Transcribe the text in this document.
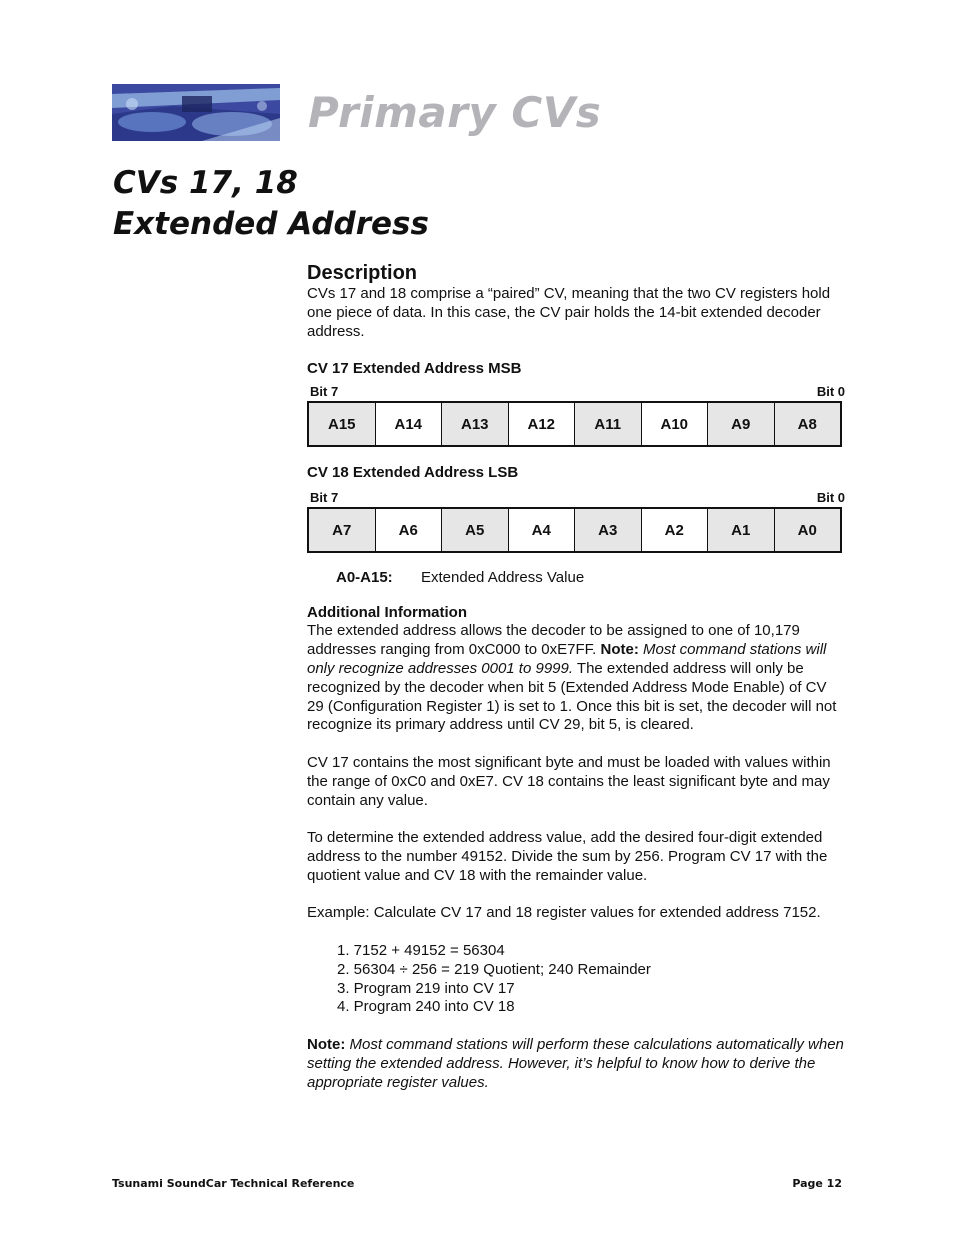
Primary CVs
CVs 17, 18
Extended Address
Description

CVs 17 and 18 comprise a “paired” CV, meaning that the two CV registers hold one piece of data. In this case, the CV pair holds the 14-bit extended decoder address.

CV 17 Extended Address MSB
Bit 7	Bit 0
A15	A14	A13	A12	A11	A10	A9	A8
CV 18 Extended Address LSB
Bit 7	Bit 0
A7	A6	A5	A4	A3	A2	A1	A0
A0-A15:	Extended Address Value
Additional Information

The extended address allows the decoder to be assigned to one of 10,179 addresses ranging from 0xC000 to 0xE7FF. Note: Most command stations will only recognize addresses 0001 to 9999. The extended address will only be recognized by the decoder when bit 5 (Extended Address Mode Enable) of CV 29 (Configuration Register 1) is set to 1. Once this bit is set, the decoder will not recognize its primary address until CV 29, bit 5, is cleared.

CV 17 contains the most significant byte and must be loaded with values within the range of 0xC0 and 0xE7. CV 18 contains the least significant byte and may contain any value.

To determine the extended address value, add the desired four-digit extended address to the number 49152. Divide the sum by 256. Program CV 17 with the quotient value and CV 18 with the remainder value.

Example: Calculate CV 17 and 18 register values for extended address 7152.

1. 7152 + 49152 = 56304
2. 56304 ÷ 256 = 219 Quotient; 240 Remainder
3. Program 219 into CV 17
4. Program 240 into CV 18

Note: Most command stations will perform these calculations automatically when setting the extended address. However, it’s helpful to know how to derive the appropriate register values.

Tsunami SoundCar Technical Reference	Page 12
